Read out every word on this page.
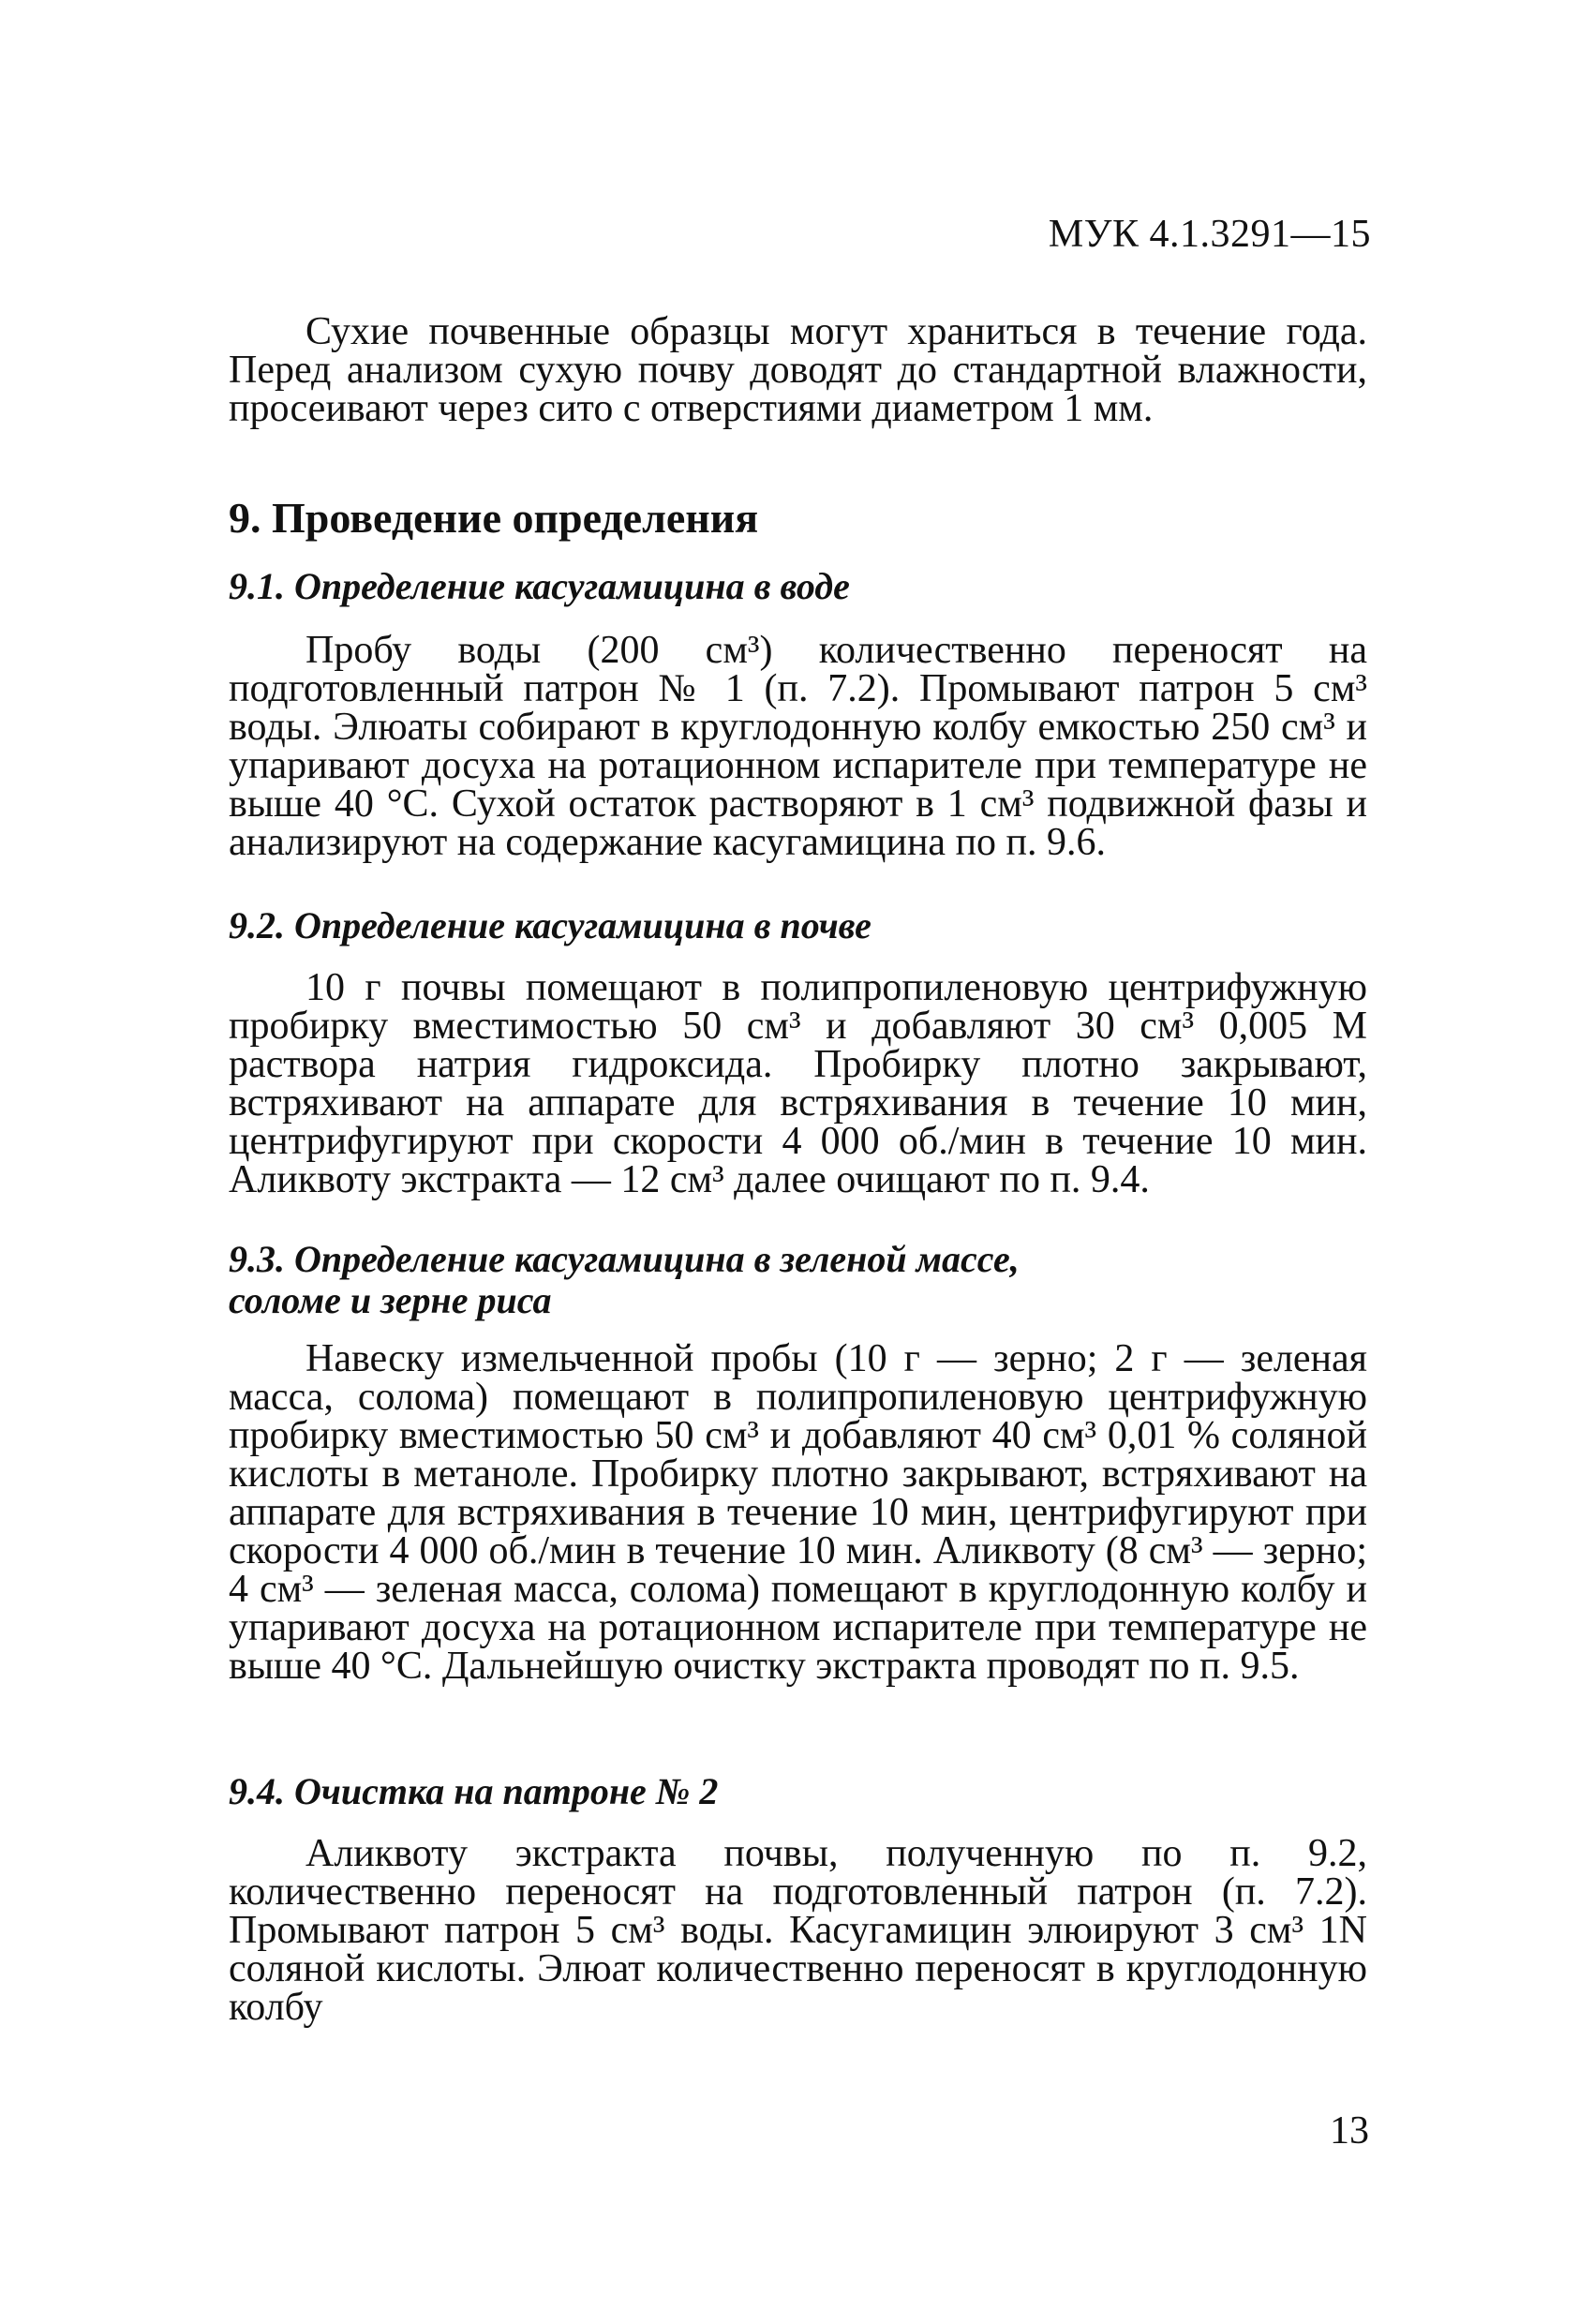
МУК 4.1.3291—15

Сухие почвенные образцы могут храниться в течение года. Перед анализом сухую почву доводят до стандартной влажности, просеивают через сито с отверстиями диаметром 1 мм.

9. Проведение определения

9.1. Определение касугамицина в воде

Пробу воды (200 см³) количественно переносят на подготовленный патрон № 1 (п. 7.2). Промывают патрон 5 см³ воды. Элюаты собирают в круглодонную колбу емкостью 250 см³ и упаривают досуха на ротационном испарителе при температуре не выше 40 °С. Сухой остаток растворяют в 1 см³ подвижной фазы и анализируют на содержание касугамицина по п. 9.6.

9.2. Определение касугамицина в почве

10 г почвы помещают в полипропиленовую центрифужную пробирку вместимостью 50 см³ и добавляют 30 см³ 0,005 М раствора натрия гидроксида. Пробирку плотно закрывают, встряхивают на аппарате для встряхивания в течение 10 мин, центрифугируют при скорости 4 000 об./мин в течение 10 мин. Аликвоту экстракта — 12 см³ далее очищают по п. 9.4.

9.3. Определение касугамицина в зеленой массе,

соломе и зерне риса

Навеску измельченной пробы (10 г — зерно; 2 г — зеленая масса, солома) помещают в полипропиленовую центрифужную пробирку вместимостью 50 см³ и добавляют 40 см³ 0,01 % соляной кислоты в метаноле. Пробирку плотно закрывают, встряхивают на аппарате для встряхивания в течение 10 мин, центрифугируют при скорости 4 000 об./мин в течение 10 мин. Аликвоту (8 см³ — зерно; 4 см³ — зеленая масса, солома) помещают в круглодонную колбу и упаривают досуха на ротационном испарителе при температуре не выше 40 °С. Дальнейшую очистку экстракта проводят по п. 9.5.

9.4. Очистка на патроне № 2

Аликвоту экстракта почвы, полученную по п. 9.2, количественно переносят на подготовленный патрон (п. 7.2). Промывают патрон 5 см³ воды. Касугамицин элюируют 3 см³ 1N соляной кислоты. Элюат количественно переносят в круглодонную колбу

13
